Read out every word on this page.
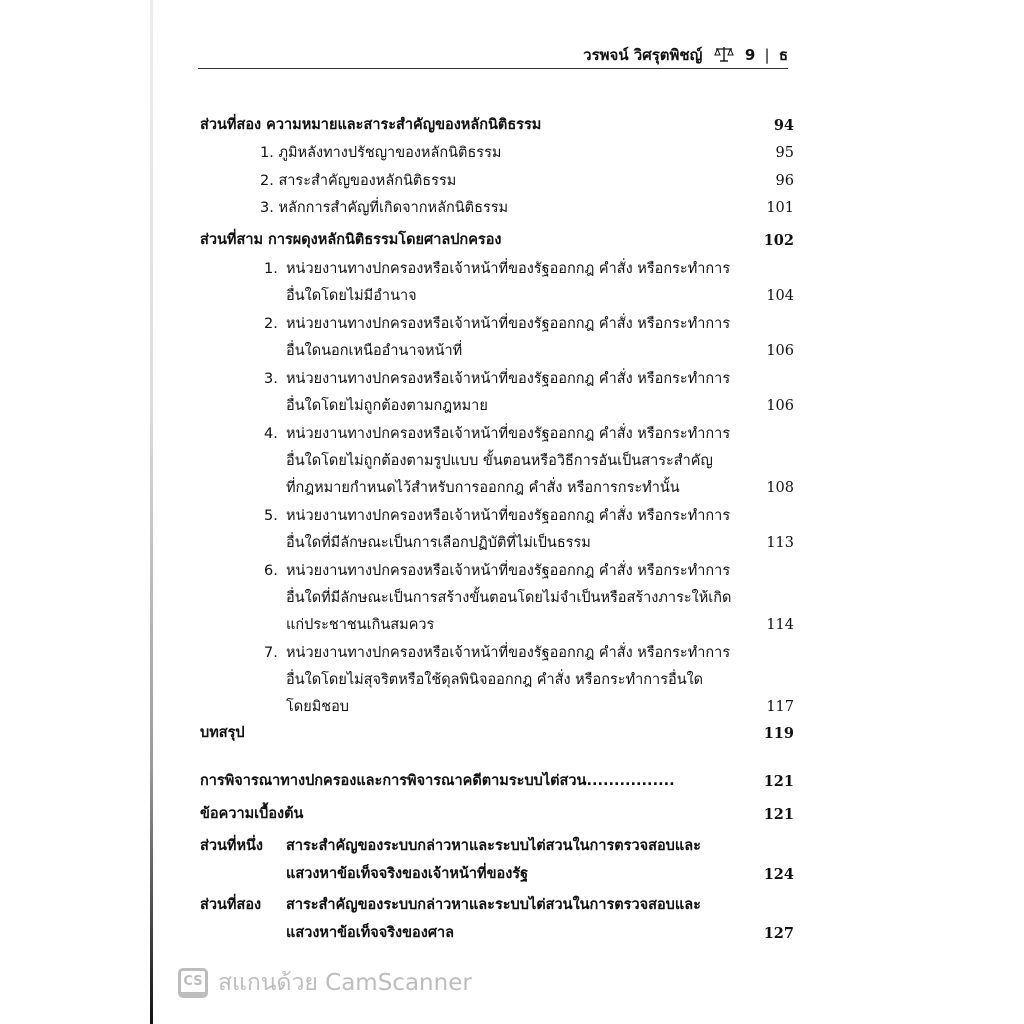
วรพจน์ วิศรุตพิชญ์	9 | ธ
ส่วนที่สอง ความหมายและสาระสำคัญของหลักนิติธรรม	94
1. ภูมิหลังทางปรัชญาของหลักนิติธรรม	95
2. สาระสำคัญของหลักนิติธรรม	96
3. หลักการสำคัญที่เกิดจากหลักนิติธรรม	101
ส่วนที่สาม การผดุงหลักนิติธรรมโดยศาลปกครอง	102
1. หน่วยงานทางปกครองหรือเจ้าหน้าที่ของรัฐออกกฎ คำสั่ง หรือกระทำการ
อื่นใดโดยไม่มีอำนาจ	104
2. หน่วยงานทางปกครองหรือเจ้าหน้าที่ของรัฐออกกฎ คำสั่ง หรือกระทำการ
อื่นใดนอกเหนืออำนาจหน้าที่	106
3. หน่วยงานทางปกครองหรือเจ้าหน้าที่ของรัฐออกกฎ คำสั่ง หรือกระทำการ
อื่นใดโดยไม่ถูกต้องตามกฎหมาย	106
4. หน่วยงานทางปกครองหรือเจ้าหน้าที่ของรัฐออกกฎ คำสั่ง หรือกระทำการ
อื่นใดโดยไม่ถูกต้องตามรูปแบบ ขั้นตอนหรือวิธีการอันเป็นสาระสำคัญ
ที่กฎหมายกำหนดไว้สำหรับการออกกฎ คำสั่ง หรือการกระทำนั้น	108
5. หน่วยงานทางปกครองหรือเจ้าหน้าที่ของรัฐออกกฎ คำสั่ง หรือกระทำการ
อื่นใดที่มีลักษณะเป็นการเลือกปฏิบัติที่ไม่เป็นธรรม	113
6. หน่วยงานทางปกครองหรือเจ้าหน้าที่ของรัฐออกกฎ คำสั่ง หรือกระทำการ
อื่นใดที่มีลักษณะเป็นการสร้างขั้นตอนโดยไม่จำเป็นหรือสร้างภาระให้เกิด
แก่ประชาชนเกินสมควร	114
7. หน่วยงานทางปกครองหรือเจ้าหน้าที่ของรัฐออกกฎ คำสั่ง หรือกระทำการ
อื่นใดโดยไม่สุจริตหรือใช้ดุลพินิจออกกฎ คำสั่ง หรือกระทำการอื่นใด
โดยมิชอบ	117
บทสรุป	119
การพิจารณาทางปกครองและการพิจารณาคดีตามระบบไต่สวน................	121
ข้อความเบื้องต้น	121
ส่วนที่หนึ่ง สาระสำคัญของระบบกล่าวหาและระบบไต่สวนในการตรวจสอบและ
แสวงหาข้อเท็จจริงของเจ้าหน้าที่ของรัฐ	124
ส่วนที่สอง สาระสำคัญของระบบกล่าวหาและระบบไต่สวนในการตรวจสอบและ
แสวงหาข้อเท็จจริงของศาล	127
CS สแกนด้วย CamScanner
